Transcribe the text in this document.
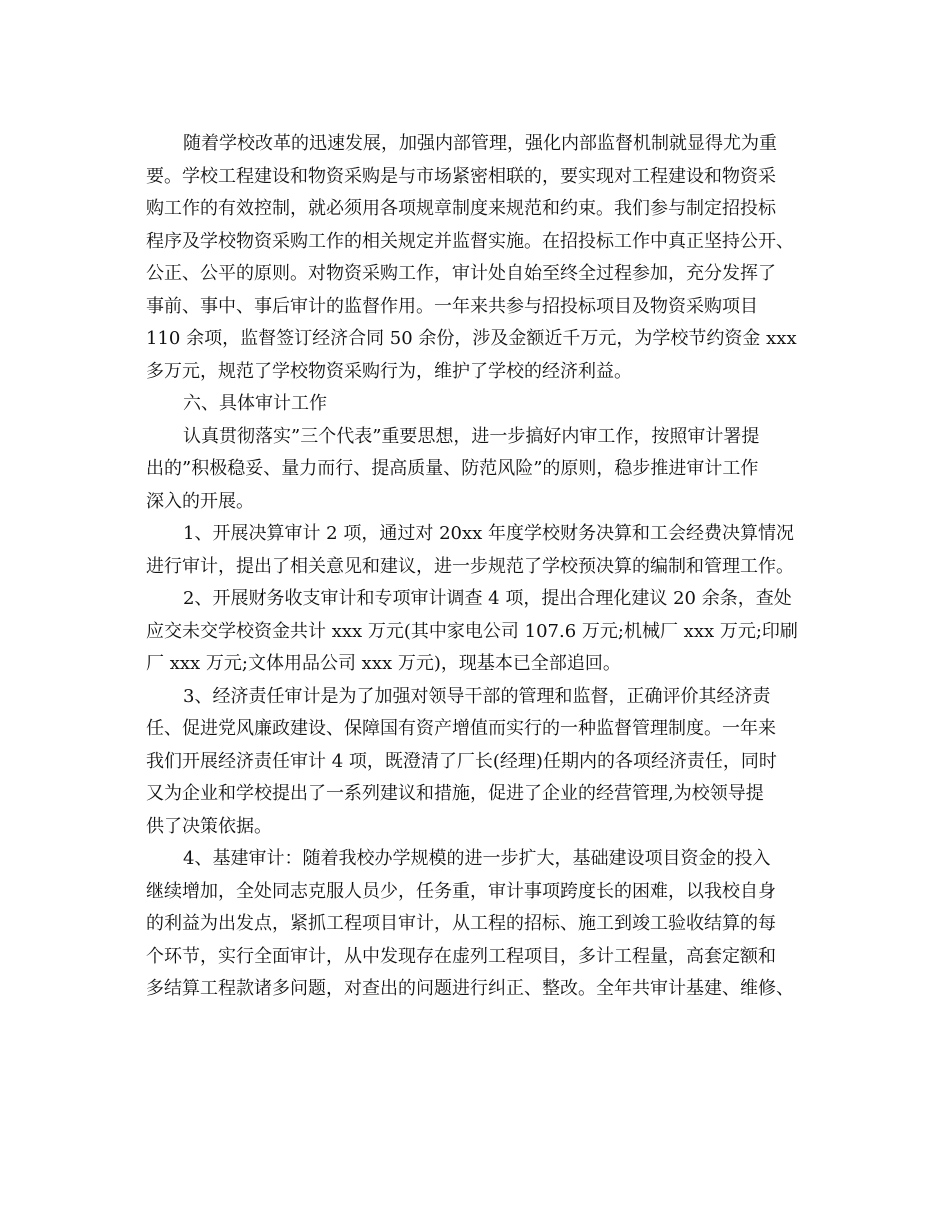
随着学校改革的迅速发展，加强内部管理，强化内部监督机制就显得尤为重
要。学校工程建设和物资采购是与市场紧密相联的，要实现对工程建设和物资采
购工作的有效控制，就必须用各项规章制度来规范和约束。我们参与制定招投标
程序及学校物资采购工作的相关规定并监督实施。在招投标工作中真正坚持公开、
公正、公平的原则。对物资采购工作，审计处自始至终全过程参加，充分发挥了
事前、事中、事后审计的监督作用。一年来共参与招投标项目及物资采购项目
110 余项，监督签订经济合同 50 余份，涉及金额近千万元，为学校节约资金 xxx
多万元，规范了学校物资采购行为，维护了学校的经济利益。
六、具体审计工作
认真贯彻落实”三个代表”重要思想，进一步搞好内审工作，按照审计署提
出的”积极稳妥、量力而行、提高质量、防范风险”的原则，稳步推进审计工作
深入的开展。
1、开展决算审计 2 项，通过对 20xx 年度学校财务决算和工会经费决算情况
进行审计，提出了相关意见和建议，进一步规范了学校预决算的编制和管理工作。
2、开展财务收支审计和专项审计调查 4 项，提出合理化建议 20 余条，查处
应交未交学校资金共计 xxx 万元(其中家电公司 107.6 万元;机械厂 xxx 万元;印刷
厂 xxx 万元;文体用品公司 xxx 万元)，现基本已全部追回。
3、经济责任审计是为了加强对领导干部的管理和监督，正确评价其经济责
任、促进党风廉政建设、保障国有资产增值而实行的一种监督管理制度。一年来
我们开展经济责任审计 4 项，既澄清了厂长(经理)任期内的各项经济责任，同时
又为企业和学校提出了一系列建议和措施，促进了企业的经营管理,为校领导提
供了决策依据。
4、基建审计：随着我校办学规模的进一步扩大，基础建设项目资金的投入
继续增加，全处同志克服人员少，任务重，审计事项跨度长的困难，以我校自身
的利益为出发点，紧抓工程项目审计，从工程的招标、施工到竣工验收结算的每
个环节，实行全面审计，从中发现存在虚列工程项目，多计工程量，高套定额和
多结算工程款诸多问题，对查出的问题进行纠正、整改。全年共审计基建、维修、
